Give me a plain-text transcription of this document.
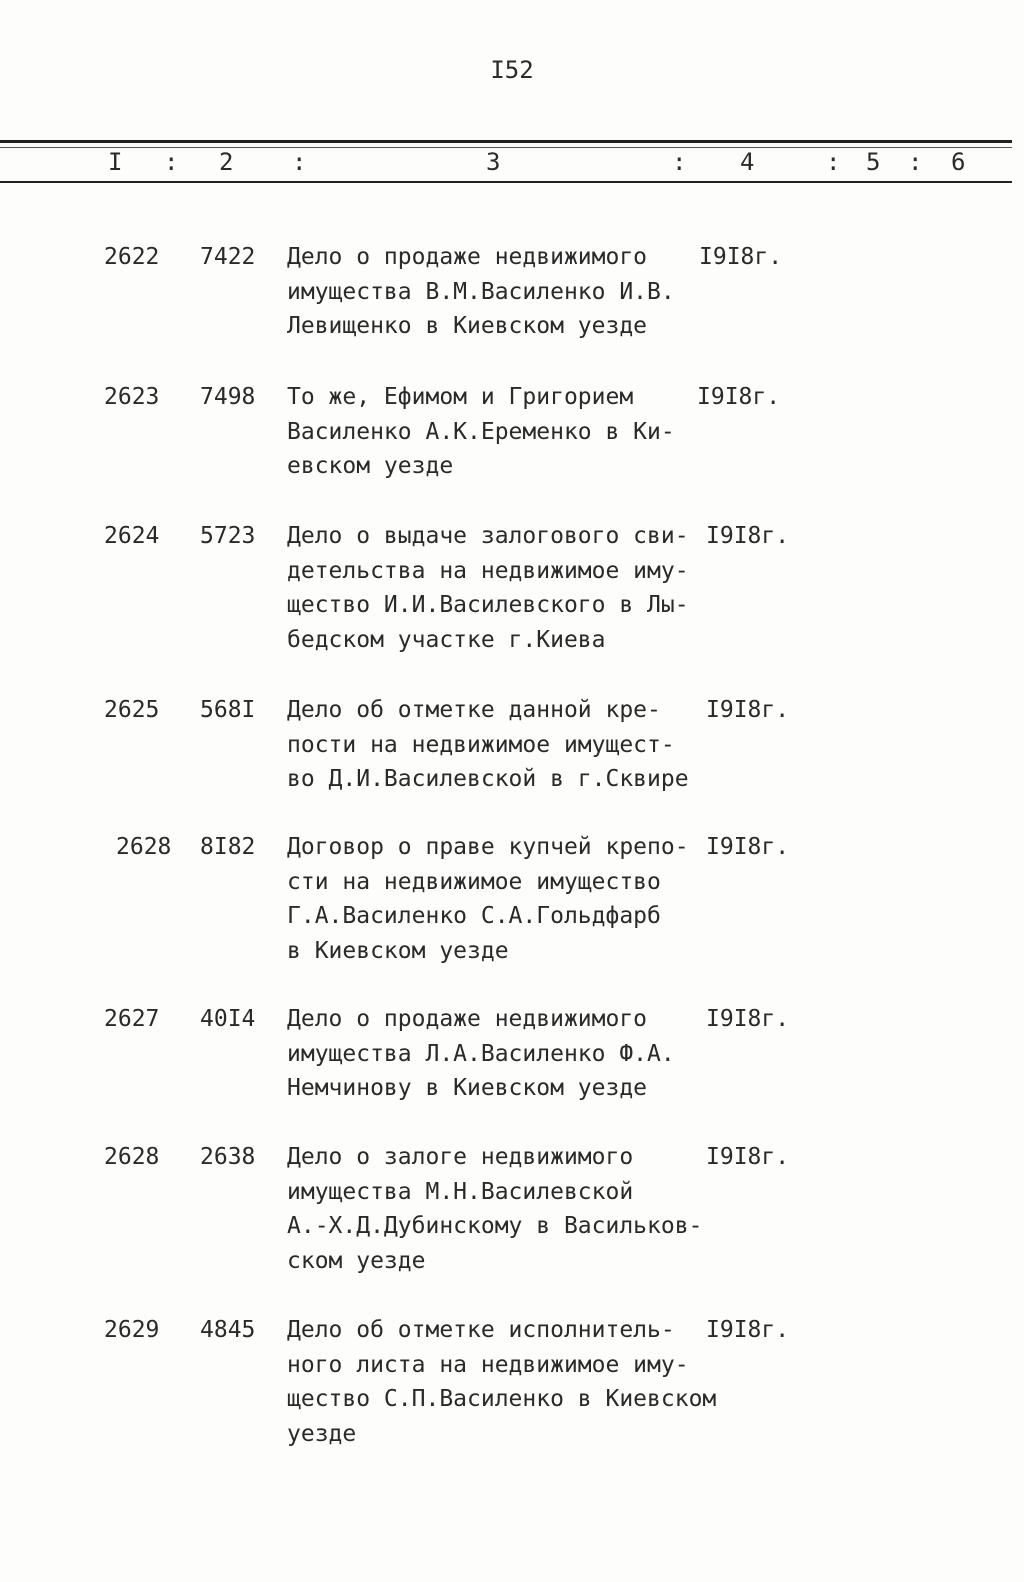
I52
I : 2 :	3	: 4	: 5 : 6
2622 7422 Дело о продаже недвижимого
имущества В.М.Василенко И.В.
Левищенко в Киевском уезде
I9I8г.
2623 7498 То же, Ефимом и Григорием
Василенко А.К.Еременко в Ки-
евском уезде
I9I8г.
2624 5723 Дело о выдаче залогового сви-
детельства на недвижимое иму-
щество И.И.Василевского в Лы-
бедском участке г.Киева
I9I8г.
2625 568I Дело об отметке данной кре-
пости на недвижимое имущест-
во Д.И.Василевской в г.Сквире
I9I8г.
2628 8I82 Договор о праве купчей крепо-
сти на недвижимое имущество
Г.А.Василенко С.А.Гольдфарб
в Киевском уезде
I9I8г.
2627 40I4 Дело о продаже недвижимого
имущества Л.А.Василенко Ф.А.
Немчинову в Киевском уезде
I9I8г.
2628 2638 Дело о залоге недвижимого
имущества М.Н.Василевской
А.-Х.Д.Дубинскому в Васильков-
ском уезде
I9I8г.
2629 4845 Дело об отметке исполнитель-
ного листа на недвижимое иму-
щество С.П.Василенко в Киевском
уезде
I9I8г.
